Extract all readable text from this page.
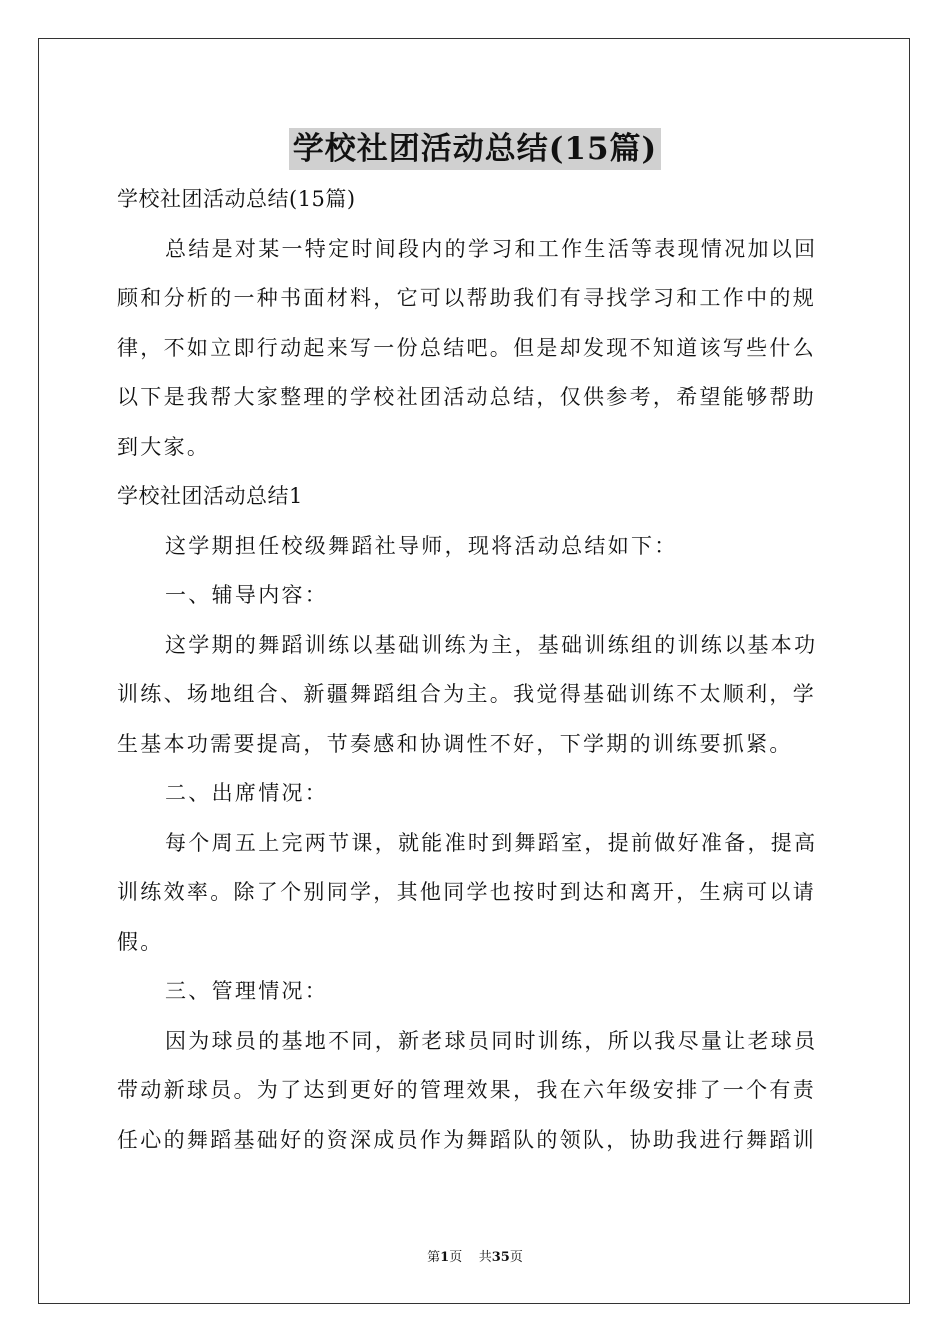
学校社团活动总结(15篇)
学校社团活动总结(15篇)
总结是对某一特定时间段内的学习和工作生活等表现情况加以回
顾和分析的一种书面材料，它可以帮助我们有寻找学习和工作中的规
律，不如立即行动起来写一份总结吧。但是却发现不知道该写些什么
以下是我帮大家整理的学校社团活动总结，仅供参考，希望能够帮助
到大家。
学校社团活动总结1
这学期担任校级舞蹈社导师，现将活动总结如下：
一、辅导内容：
这学期的舞蹈训练以基础训练为主，基础训练组的训练以基本功
训练、场地组合、新疆舞蹈组合为主。我觉得基础训练不太顺利，学
生基本功需要提高，节奏感和协调性不好，下学期的训练要抓紧。
二、出席情况：
每个周五上完两节课，就能准时到舞蹈室，提前做好准备，提高
训练效率。除了个别同学，其他同学也按时到达和离开，生病可以请
假。
三、管理情况：
因为球员的基地不同，新老球员同时训练，所以我尽量让老球员
带动新球员。为了达到更好的管理效果，我在六年级安排了一个有责
任心的舞蹈基础好的资深成员作为舞蹈队的领队，协助我进行舞蹈训
第1页 共35页
